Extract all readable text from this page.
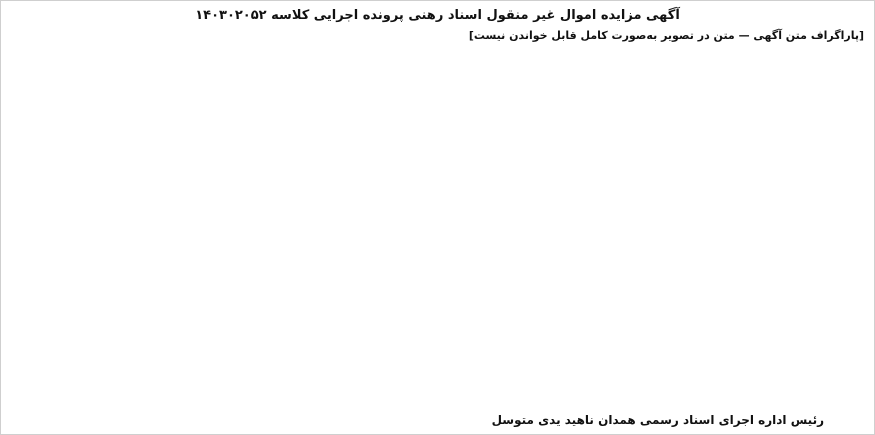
آگهی مزایده اموال غیر منقول اسناد رهنی پرونده اجرایی کلاسه ۱۴۰۳۰۲۰۵۲

[پاراگراف متن آگهی — متن در تصویر به‌صورت کامل قابل خواندن نیست]

رئیس اداره اجرای اسناد رسمی همدان ناهید یدی متوسل
